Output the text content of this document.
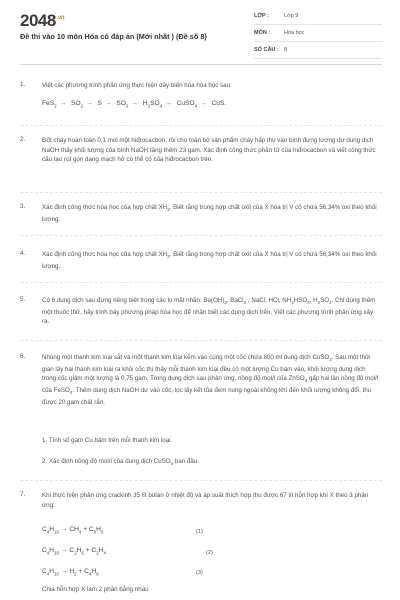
$2048^{.vn}$
Đề thi vào 10 môn Hóa có đáp án (Mới nhất ) (Đề số 8)
LỚP :	Lớp 9
MÔN :	Hóa học
SỐ CÂU : 8
1.	Viết các phương trình phản ứng thực hiện dãy biến hóa hóa học sau:

$FeS_2 \to SO_2 \to S \to SO_2 \to H_2SO_4$ → CuSO$_4$ → CuS.
2.	Đốt cháy hoàn toàn 0,1 mol một hiđrocacbon, rồi cho toàn bộ sản phẩm cháy hấp thụ vào bình đựng lượng dư dung dịch NaOH thấy khối lượng của bình NaOH tăng thêm 23 gam. Xác định công thức phân tử của hiđrocacbon và viết công thức cấu tạo rút gọn dạng mạch hở có thể có của hiđrocacbon trên.

3.	Xác định công thức hóa học của hợp chất $XH_3$. Biết rằng trong hợp chất oxit của X hóa trị V có chứa 56,34% oxi theo khối lượng.

4.	Xác định công thức hóa học của hợp chất $XH_3$. Biết rằng trong hợp chất oxit của X hóa trị V có chứa 56,34% oxi theo khối lượng.

5.	Có 6 dung dịch sau đựng riêng biệt trong các lọ mất nhãn: $Ba(OH)_2$, BaCl$_2$ , NaCl, HCl, $NH_4HSO_4$, $H_2SO_4$. Chỉ dùng thêm một thuốc thử, hãy trình bày phương pháp hóa học để nhận biết các dung dịch trên. Viết các phương trình phản ứng xảy ra.

6.	Nhúng một thanh kim loại sắt và một thanh kim loại kẽm vào cùng một cốc chứa 800 ml dung dịch CuSO$_4$. Sau một thời gian lấy hai thanh kim loại ra khỏi cốc thì thấy mỗi thanh kim loại đều có một lượng Cu bám vào, khối lượng dung dịch trong cốc giảm một lượng là 0,75 gam. Trong dung dịch sau phản ứng, nồng độ mol/l của ZnSO$_4$ gấp hai lần nồng độ mol/l của FeSO$_4$. Thêm dung dịch NaOH dư vào cốc, lọc lấy kết tủa đem nung ngoài không khí đến khối lượng không đổi, thu được 20 gam chất rắn.

1. Tính số gam Cu bám trên mỗi thanh kim loại.
2. Xác định nồng độ mol/l của dung dịch CuSO$_4$ ban đầu.
7.	Khi thực hiện phản ứng crackinh 35 lít butan ở nhiệt độ và áp suất thích hợp thu được 67 lít hỗn hợp khí X theo 3 phản ứng:

$C_4H_{10} \to CH_4 + C_3H_6$	(1)
$C_4H_{10} \to C_2H_6 + C_2H_4$	(2)
$C_4H_{10} \to H_2 + C_4H_8$	(3)
Chia hỗn hợp X làm 2 phần bằng nhau
